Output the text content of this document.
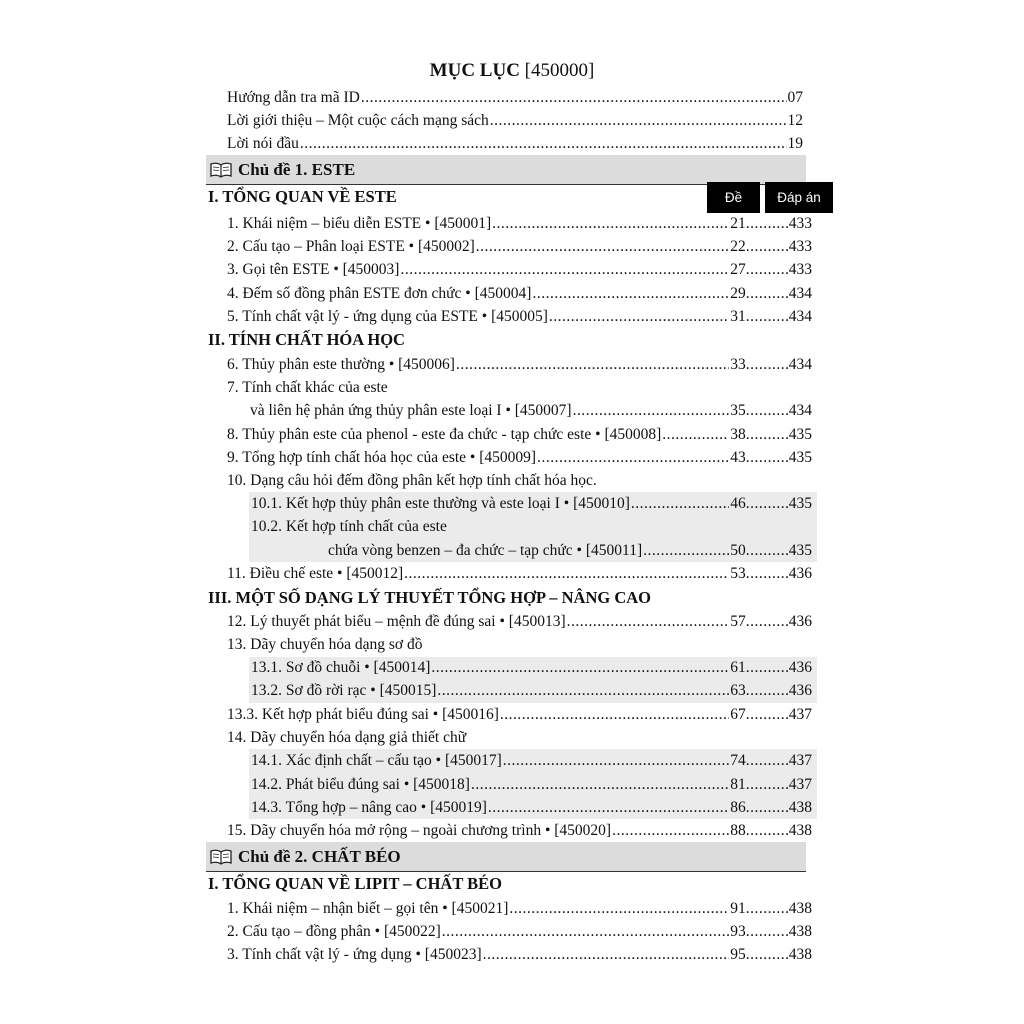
MỤC LỤC [450000]
Hướng dẫn tra mã ID .....	07
Lời giới thiệu – Một cuộc cách mạng sách .....	12
Lời nói đầu .....	19
Chủ đề 1. ESTE
I. TỔNG QUAN VỀ ESTE	Đề	Đáp án
1. Khái niệm – biểu diễn ESTE • [450001] .....	21 .....	433
2. Cấu tạo – Phân loại ESTE • [450002] .....	22 .....	433
3. Gọi tên ESTE • [450003] .....	27 .....	433
4. Đếm số đồng phân ESTE đơn chức • [450004] .....	29 .....	434
5. Tính chất vật lý - ứng dụng của ESTE • [450005] .....	31 .....	434
II. TÍNH CHẤT HÓA HỌC
6. Thủy phân este thường • [450006] .....	33 .....	434
7. Tính chất khác của este
và liên hệ phản ứng thủy phân este loại I • [450007] .....	35 .....	434
8. Thủy phân este của phenol - este đa chức - tạp chức este • [450008] .....	38 .....	435
9. Tổng hợp tính chất hóa học của este • [450009] .....	43 .....	435
10. Dạng câu hỏi đếm đồng phân kết hợp tính chất hóa học.
10.1. Kết hợp thủy phân este thường và este loại I • [450010] .....	46 .....	435
10.2. Kết hợp tính chất của este
chứa vòng benzen – đa chức – tạp chức • [450011] .....	50 .....	435
11. Điều chế este • [450012] .....	53 .....	436
III. MỘT SỐ DẠNG LÝ THUYẾT TỔNG HỢP – NÂNG CAO
12. Lý thuyết phát biểu – mệnh đề đúng sai • [450013] .....	57 .....	436
13. Dãy chuyển hóa dạng sơ đồ
13.1. Sơ đồ chuỗi • [450014] .....	61 .....	436
13.2. Sơ đồ rời rạc • [450015] .....	63 .....	436
13.3. Kết hợp phát biểu đúng sai • [450016] .....	67 .....	437
14. Dãy chuyển hóa dạng giả thiết chữ
14.1. Xác định chất – cấu tạo • [450017] .....	74 .....	437
14.2. Phát biểu đúng sai • [450018] .....	81 .....	437
14.3. Tổng hợp – nâng cao • [450019] .....	86 .....	438
15. Dãy chuyển hóa mở rộng – ngoài chương trình • [450020] .....	88 .....	438
Chủ đề 2. CHẤT BÉO
I. TỔNG QUAN VỀ LIPIT – CHẤT BÉO
1. Khái niệm – nhận biết – gọi tên • [450021] .....	91 .....	438
2. Cấu tạo – đồng phân • [450022] .....	93 .....	438
3. Tính chất vật lý - ứng dụng • [450023] .....	95 .....	438
